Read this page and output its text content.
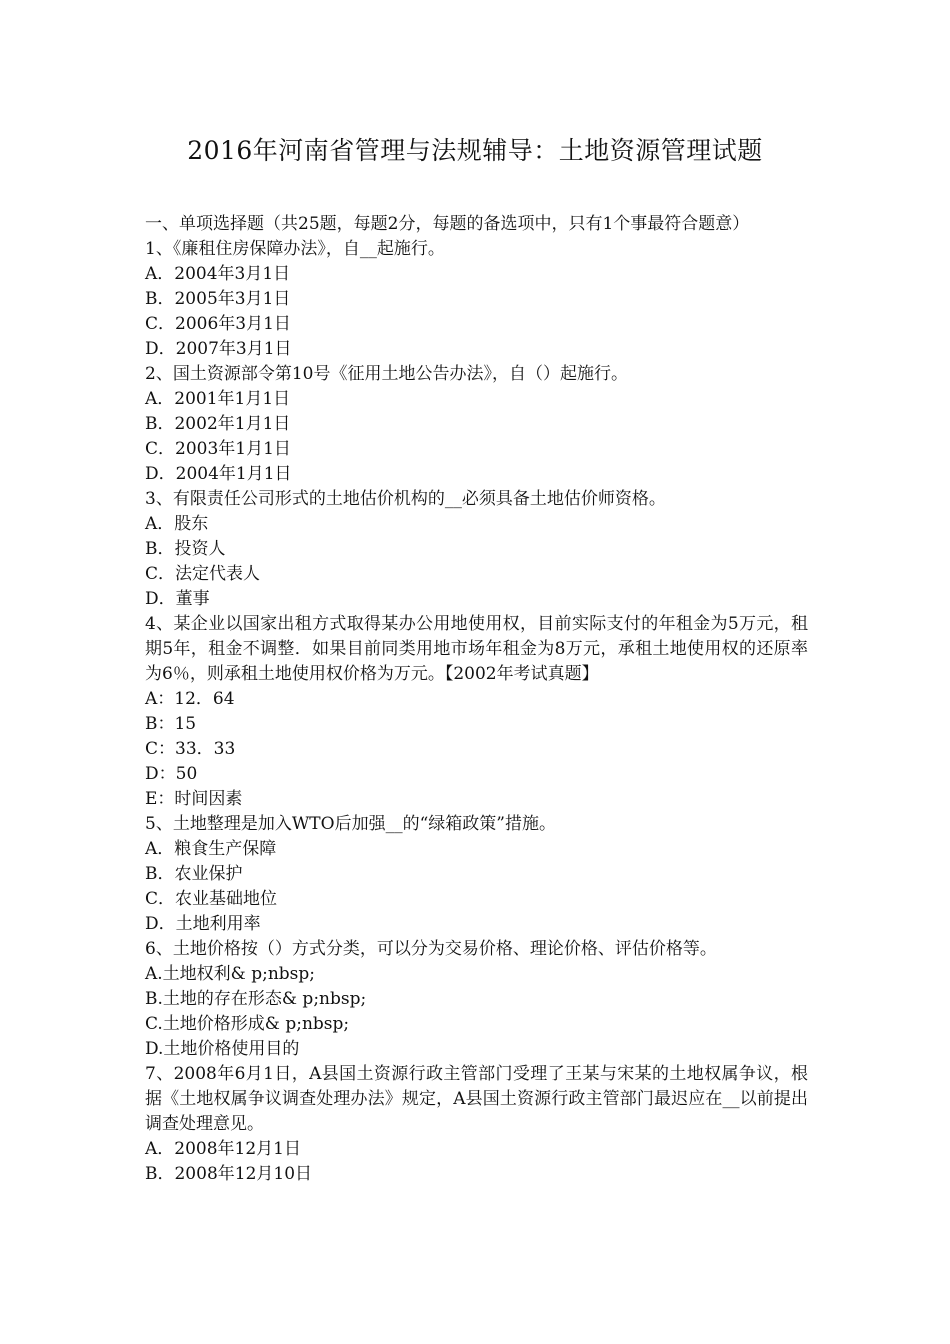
2016年河南省管理与法规辅导：土地资源管理试题
一、单项选择题（共25题，每题2分，每题的备选项中，只有1个事最符合题意）
1、《廉租住房保障办法》，自__起施行。
A．2004年3月1日
B．2005年3月1日
C．2006年3月1日
D．2007年3月1日
2、国土资源部令第10号《征用土地公告办法》，自（）起施行。
A．2001年1月1日
B．2002年1月1日
C．2003年1月1日
D．2004年1月1日
3、有限责任公司形式的土地估价机构的__必须具备土地估价师资格。
A．股东
B．投资人
C．法定代表人
D．董事
4、某企业以国家出租方式取得某办公用地使用权，目前实际支付的年租金为5万元，租期5年，租金不调整．如果目前同类用地市场年租金为8万元，承租土地使用权的还原率为6％，则承租土地使用权价格为万元。【2002年考试真题】
A：12．64
B：15
C：33．33
D：50
E：时间因素
5、土地整理是加入WTO后加强__的“绿箱政策”措施。
A．粮食生产保障
B．农业保护
C．农业基础地位
D．土地利用率
6、土地价格按（）方式分类，可以分为交易价格、理论价格、评估价格等。
A.土地权利& p;nbsp;
B.土地的存在形态& p;nbsp;
C.土地价格形成& p;nbsp;
D.土地价格使用目的
7、2008年6月1日，A县国土资源行政主管部门受理了王某与宋某的土地权属争议，根据《土地权属争议调查处理办法》规定，A县国土资源行政主管部门最迟应在__以前提出调查处理意见。
A．2008年12月1日
B．2008年12月10日
